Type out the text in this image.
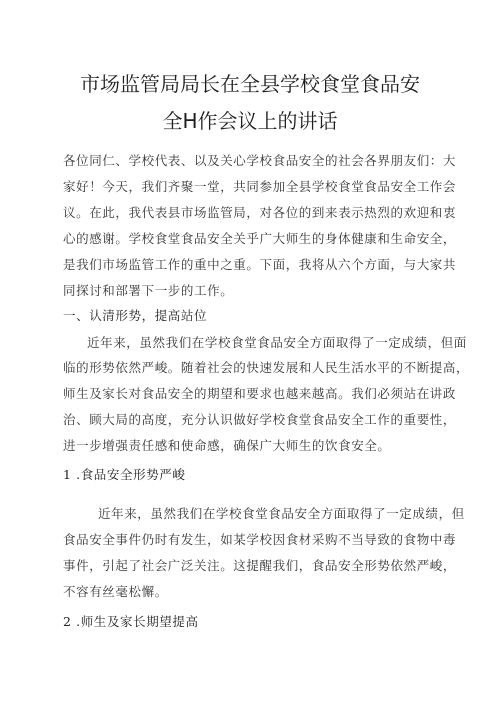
市场监管局局长在全县学校食堂食品安
全H作会议上的讲话
各位同仁、学校代表、以及关心学校食品安全的社会各界朋友们：大
家好！今天，我们齐聚一堂，共同参加全县学校食堂食品安全工作会
议。在此，我代表县市场监管局，对各位的到来表示热烈的欢迎和衷
心的感谢。学校食堂食品安全关乎广大师生的身体健康和生命安全，
是我们市场监管工作的重中之重。下面，我将从六个方面，与大家共
同探讨和部署下一步的工作。
一、认清形势，提高站位
近年来，虽然我们在学校食堂食品安全方面取得了一定成绩，但面
临的形势依然严峻。随着社会的快速发展和人民生活水平的不断提高，
师生及家长对食品安全的期望和要求也越来越高。我们必须站在讲政
治、顾大局的高度，充分认识做好学校食堂食品安全工作的重要性，
进一步增强责任感和使命感，确保广大师生的饮食安全。
1 .食品安全形势严峻
近年来，虽然我们在学校食堂食品安全方面取得了一定成绩，但
食品安全事件仍时有发生，如某学校因食材采购不当导致的食物中毒
事件，引起了社会广泛关注。这提醒我们，食品安全形势依然严峻，
不容有丝毫松懈。
2 .师生及家长期望提高
